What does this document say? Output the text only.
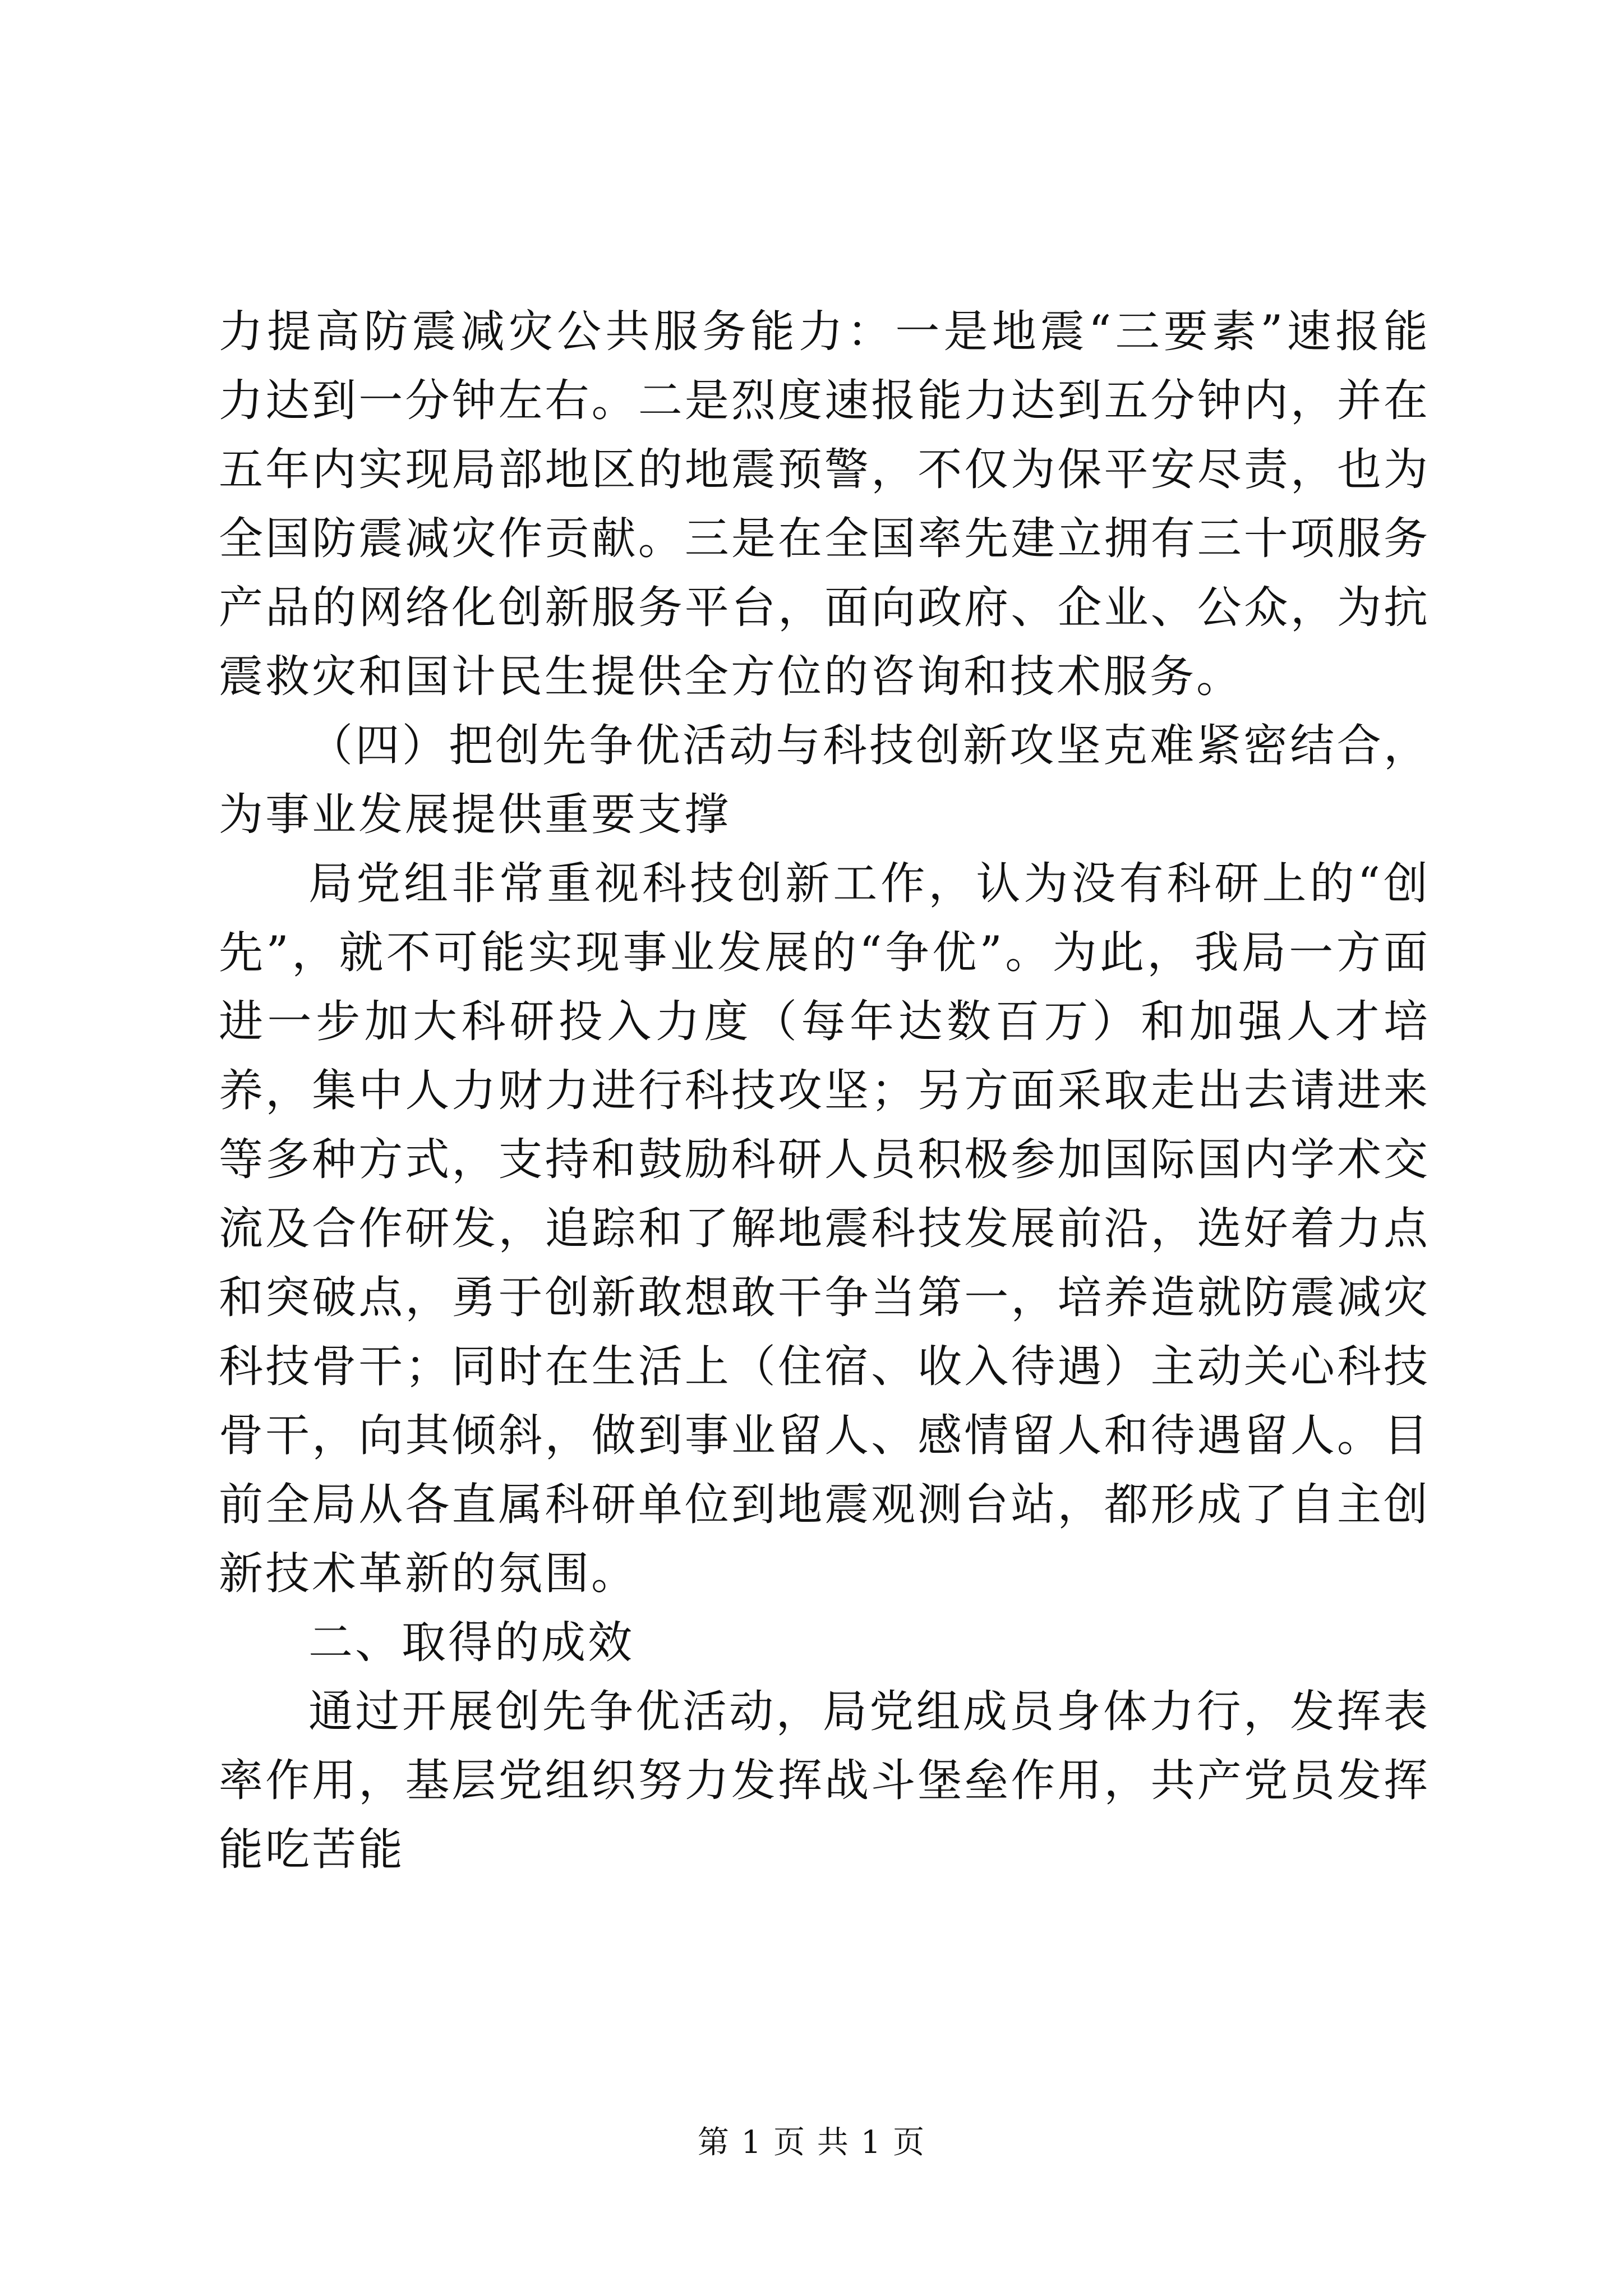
力提高防震减灾公共服务能力：一是地震“三要素”速报能力达到一分钟左右。二是烈度速报能力达到五分钟内，并在五年内实现局部地区的地震预警，不仅为保平安尽责，也为全国防震减灾作贡献。三是在全国率先建立拥有三十项服务产品的网络化创新服务平台，面向政府、企业、公众，为抗震救灾和国计民生提供全方位的咨询和技术服务。

（四）把创先争优活动与科技创新攻坚克难紧密结合，为事业发展提供重要支撑

局党组非常重视科技创新工作，认为没有科研上的“创先”，就不可能实现事业发展的“争优”。为此，我局一方面进一步加大科研投入力度（每年达数百万）和加强人才培养，集中人力财力进行科技攻坚；另方面采取走出去请进来等多种方式，支持和鼓励科研人员积极参加国际国内学术交流及合作研发，追踪和了解地震科技发展前沿，选好着力点和突破点，勇于创新敢想敢干争当第一，培养造就防震减灾科技骨干；同时在生活上（住宿、收入待遇）主动关心科技骨干，向其倾斜，做到事业留人、感情留人和待遇留人。目前全局从各直属科研单位到地震观测台站，都形成了自主创新技术革新的氛围。

二、取得的成效

通过开展创先争优活动，局党组成员身体力行，发挥表率作用，基层党组织努力发挥战斗堡垒作用，共产党员发挥能吃苦能

第 1 页 共 1 页
